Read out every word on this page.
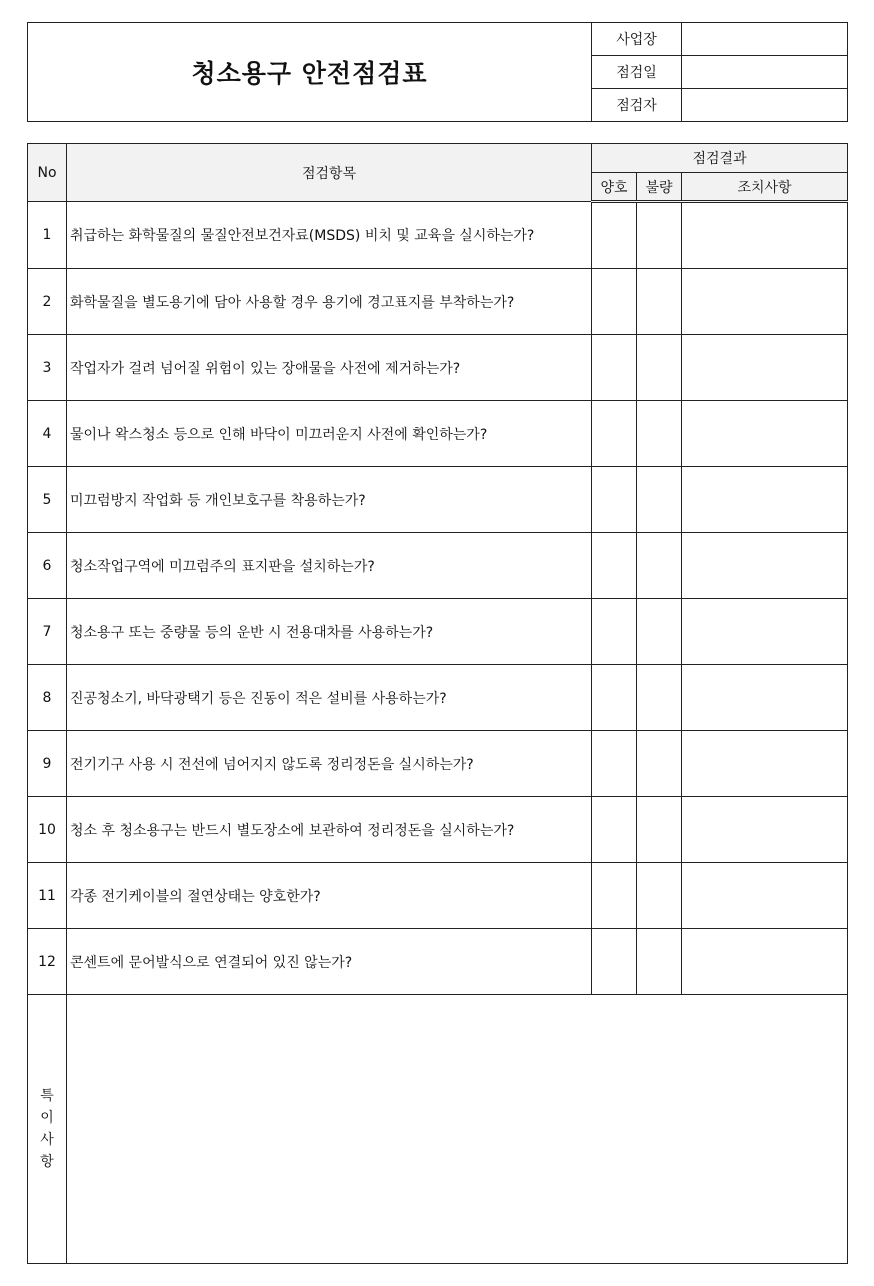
청소용구 안전점검표	사업장	
	점검일	
	점검자	
No	점검항목	점검결과		
		양호	불량	조치사항
1	취급하는 화학물질의 물질안전보건자료(MSDS) 비치 및 교육을 실시하는가?			
2	화학물질을 별도용기에 담아 사용할 경우 용기에 경고표지를 부착하는가?			
3	작업자가 걸려 넘어질 위험이 있는 장애물을 사전에 제거하는가?			
4	물이나 왁스청소 등으로 인해 바닥이 미끄러운지 사전에 확인하는가?			
5	미끄럼방지 작업화 등 개인보호구를 착용하는가?			
6	청소작업구역에 미끄럼주의 표지판을 설치하는가?			
7	청소용구 또는 중량물 등의 운반 시 전용대차를 사용하는가?			
8	진공청소기, 바닥광택기 등은 진동이 적은 설비를 사용하는가?			
9	전기기구 사용 시 전선에 넘어지지 않도록 정리정돈을 실시하는가?			
10	청소 후 청소용구는 반드시 별도장소에 보관하여 정리정돈을 실시하는가?			
11	각종 전기케이블의 절연상태는 양호한가?			
12	콘센트에 문어발식으로 연결되어 있진 않는가?			
특
이
사
항				
